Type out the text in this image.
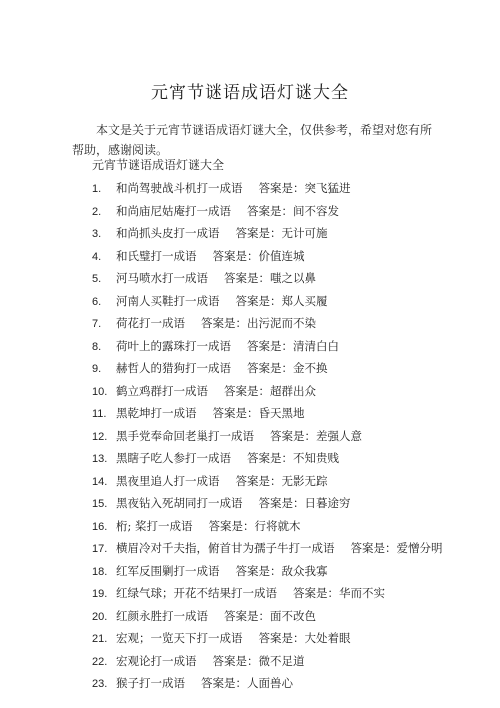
元宵节谜语成语灯谜大全
本文是关于元宵节谜语成语灯谜大全，仅供参考，希望对您有所帮助，感谢阅读。
元宵节谜语成语灯谜大全
1. 和尚驾驶战斗机打一成语 答案是：突飞猛进
2. 和尚庙尼姑庵打一成语 答案是：间不容发
3. 和尚抓头皮打一成语 答案是：无计可施
4. 和氏璧打一成语 答案是：价值连城
5. 河马喷水打一成语 答案是：嗤之以鼻
6. 河南人买鞋打一成语 答案是：郑人买履
7. 荷花打一成语 答案是：出污泥而不染
8. 荷叶上的露珠打一成语 答案是：清清白白
9. 赫哲人的猎狗打一成语 答案是：金不换
10. 鹤立鸡群打一成语 答案是：超群出众
11. 黑乾坤打一成语 答案是：昏天黑地
12. 黑手党奉命回老巢打一成语 答案是：差强人意
13. 黑瞎子吃人参打一成语 答案是：不知贵贱
14. 黑夜里追人打一成语 答案是：无影无踪
15. 黑夜钻入死胡同打一成语 答案是：日暮途穷
16. 桁; 桨打一成语 答案是：行将就木
17. 横眉冷对千夫指，俯首甘为孺子牛打一成语 答案是：爱憎分明
18. 红军反围剿打一成语 答案是：敌众我寡
19. 红绿气球；开花不结果打一成语 答案是：华而不实
20. 红颜永胜打一成语 答案是：面不改色
21. 宏观；一览天下打一成语 答案是：大处着眼
22. 宏观论打一成语 答案是：微不足道
23. 猴子打一成语 答案是：人面兽心
